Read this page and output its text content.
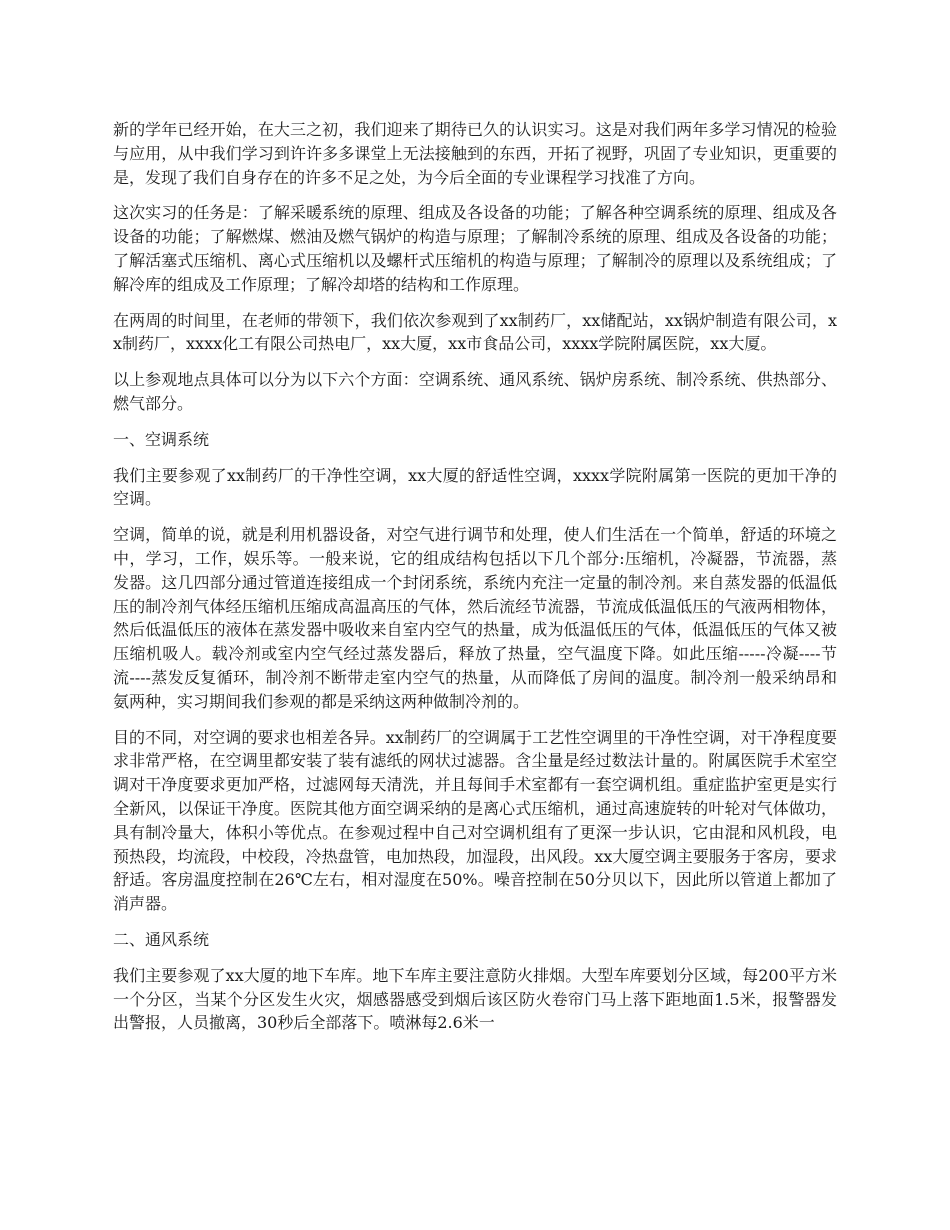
新的学年已经开始，在大三之初，我们迎来了期待已久的认识实习。这是对我们两年多学习情况的检验与应用，从中我们学习到许许多多课堂上无法接触到的东西，开拓了视野，巩固了专业知识，更重要的是，发现了我们自身存在的许多不足之处，为今后全面的专业课程学习找准了方向。

这次实习的任务是：了解采暖系统的原理、组成及各设备的功能；了解各种空调系统的原理、组成及各设备的功能；了解燃煤、燃油及燃气锅炉的构造与原理；了解制冷系统的原理、组成及各设备的功能；了解活塞式压缩机、离心式压缩机以及螺杆式压缩机的构造与原理；了解制冷的原理以及系统组成；了解冷库的组成及工作原理；了解冷却塔的结构和工作原理。

在两周的时间里，在老师的带领下，我们依次参观到了xx制药厂，xx储配站，xx锅炉制造有限公司，xx制药厂，xxxx化工有限公司热电厂，xx大厦，xx市食品公司，xxxx学院附属医院，xx大厦。

以上参观地点具体可以分为以下六个方面：空调系统、通风系统、锅炉房系统、制冷系统、供热部分、燃气部分。

一、空调系统

我们主要参观了xx制药厂的干净性空调，xx大厦的舒适性空调，xxxx学院附属第一医院的更加干净的空调。

空调，简单的说，就是利用机器设备，对空气进行调节和处理，使人们生活在一个简单，舒适的环境之中，学习，工作，娱乐等。一般来说，它的组成结构包括以下几个部分:压缩机，冷凝器，节流器，蒸发器。这几四部分通过管道连接组成一个封闭系统，系统内充注一定量的制冷剂。来自蒸发器的低温低压的制冷剂气体经压缩机压缩成高温高压的气体，然后流经节流器，节流成低温低压的气液两相物体，然后低温低压的液体在蒸发器中吸收来自室内空气的热量，成为低温低压的气体，低温低压的气体又被压缩机吸人。载冷剂或室内空气经过蒸发器后，释放了热量，空气温度下降。如此压缩-----冷凝----节流----蒸发反复循环，制冷剂不断带走室内空气的热量，从而降低了房间的温度。制冷剂一般采纳昂和氨两种，实习期间我们参观的都是采纳这两种做制冷剂的。

目的不同，对空调的要求也相差各异。xx制药厂的空调属于工艺性空调里的干净性空调，对干净程度要求非常严格，在空调里都安装了装有滤纸的网状过滤器。含尘量是经过数法计量的。附属医院手术室空调对干净度要求更加严格，过滤网每天清洗，并且每间手术室都有一套空调机组。重症监护室更是实行全新风，以保证干净度。医院其他方面空调采纳的是离心式压缩机，通过高速旋转的叶轮对气体做功，具有制冷量大，体积小等优点。在参观过程中自己对空调机组有了更深一步认识，它由混和风机段，电预热段，均流段，中校段，冷热盘管，电加热段，加湿段，出风段。xx大厦空调主要服务于客房，要求舒适。客房温度控制在26℃左右，相对湿度在50%。噪音控制在50分贝以下，因此所以管道上都加了消声器。

二、通风系统

我们主要参观了xx大厦的地下车库。地下车库主要注意防火排烟。大型车库要划分区域，每200平方米一个分区，当某个分区发生火灾，烟感器感受到烟后该区防火卷帘门马上落下距地面1.5米，报警器发出警报，人员撤离，30秒后全部落下。喷淋每2.6米一
